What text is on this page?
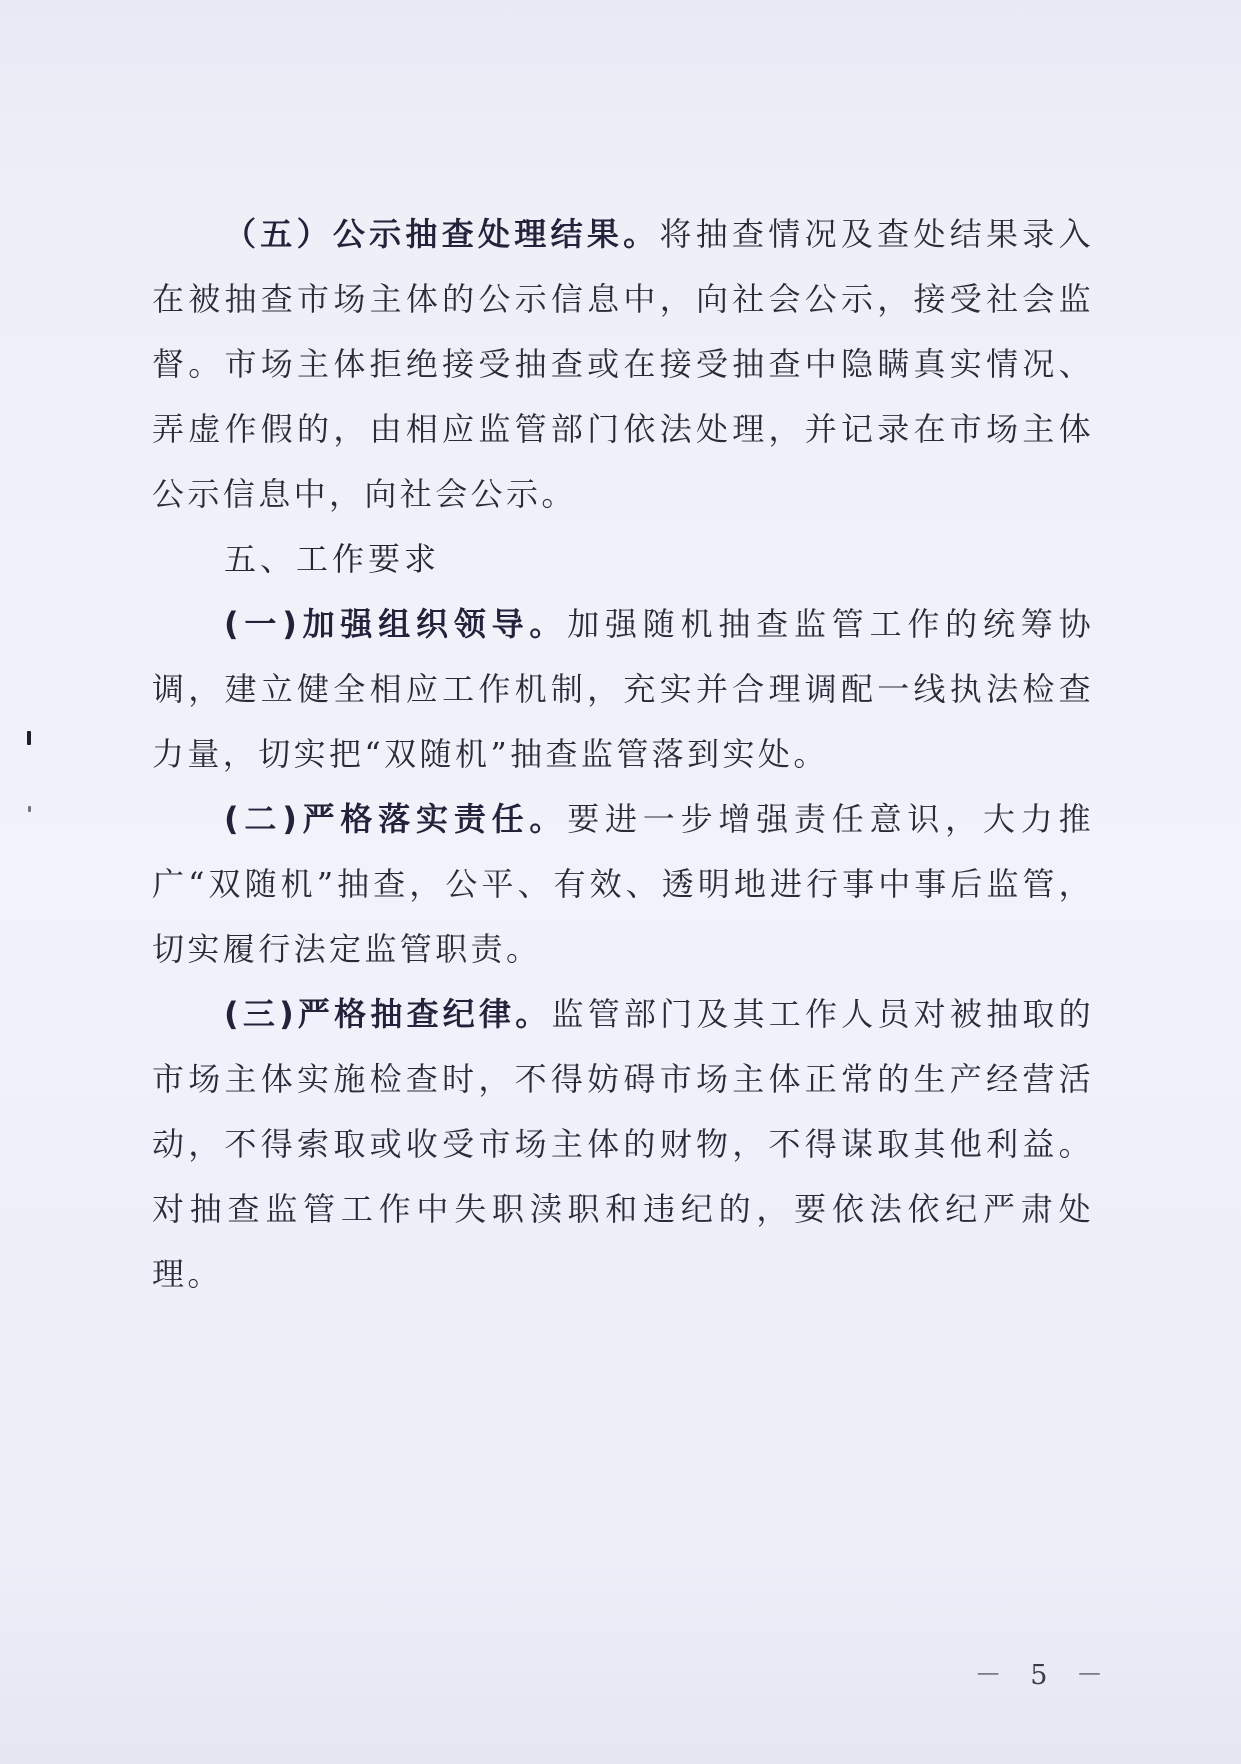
（五）公示抽查处理结果。将抽查情况及查处结果录入在被抽查市场主体的公示信息中，向社会公示，接受社会监督。市场主体拒绝接受抽查或在接受抽查中隐瞒真实情况、弄虚作假的，由相应监管部门依法处理，并记录在市场主体公示信息中，向社会公示。

五、工作要求

(一)加强组织领导。加强随机抽查监管工作的统筹协调，建立健全相应工作机制，充实并合理调配一线执法检查力量，切实把“双随机”抽查监管落到实处。

(二)严格落实责任。要进一步增强责任意识，大力推广“双随机”抽查，公平、有效、透明地进行事中事后监管，切实履行法定监管职责。

(三)严格抽查纪律。监管部门及其工作人员对被抽取的市场主体实施检查时，不得妨碍市场主体正常的生产经营活动，不得索取或收受市场主体的财物，不得谋取其他利益。对抽查监管工作中失职渎职和违纪的，要依法依纪严肃处理。

－ 5 －
